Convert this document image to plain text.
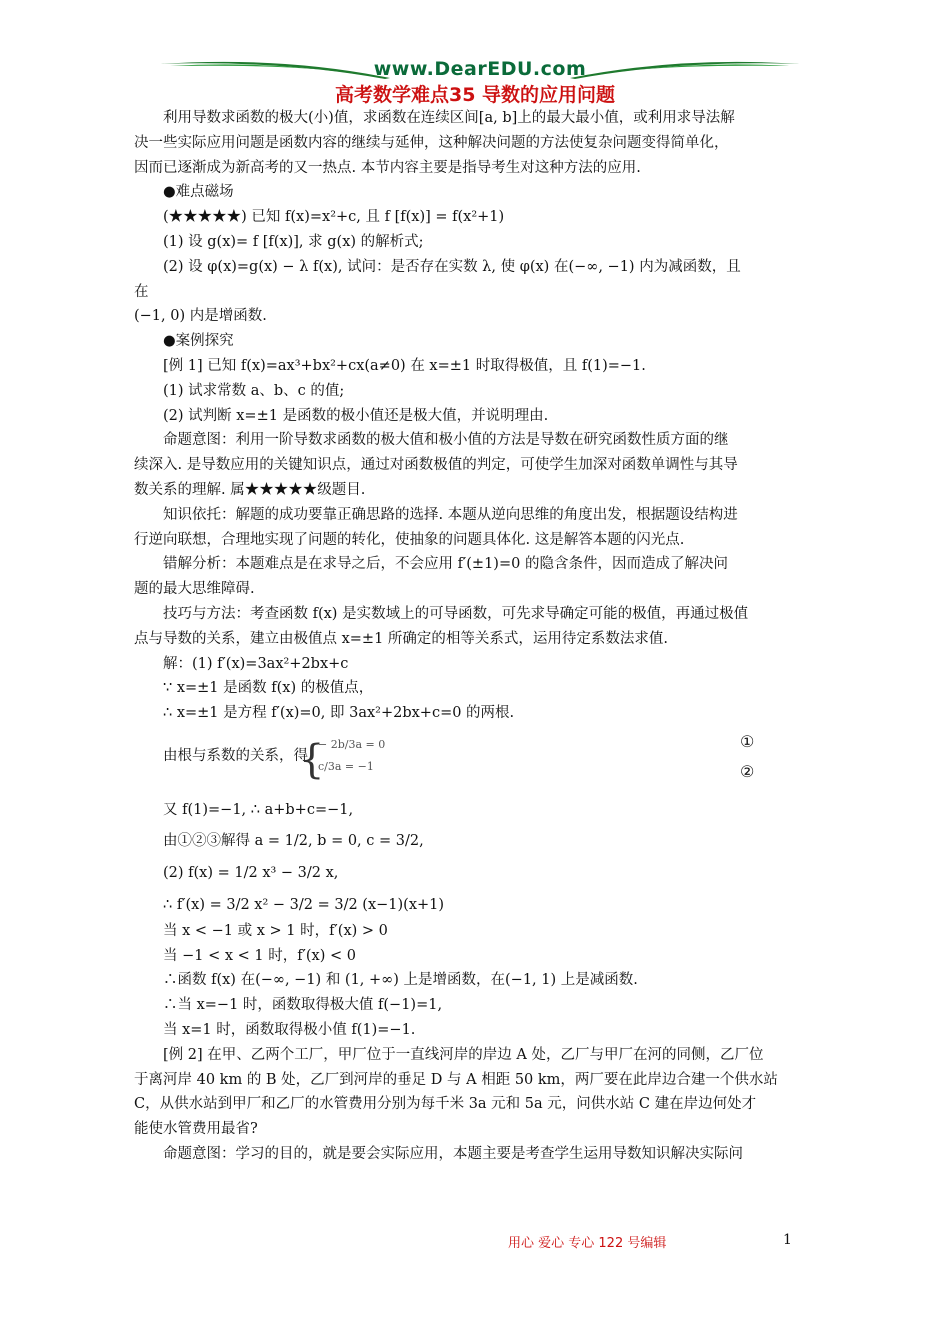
www.DearEDU.com
高考数学难点35 导数的应用问题

利用导数求函数的极大(小)值，求函数在连续区间[a, b]上的最大最小值，或利用求导法解

决一些实际应用问题是函数内容的继续与延伸，这种解决问题的方法使复杂问题变得简单化，

因而已逐渐成为新高考的又一热点. 本节内容主要是指导考生对这种方法的应用.

●难点磁场

(★★★★★) 已知 f(x)=x²+c, 且 f [f(x)] = f(x²+1)

(1) 设 g(x)= f [f(x)], 求 g(x) 的解析式;

(2) 设 φ(x)=g(x) − λ f(x), 试问：是否存在实数 λ, 使 φ(x) 在(−∞, −1) 内为减函数，且

在

(−1, 0) 内是增函数.

●案例探究

[例 1] 已知 f(x)=ax³+bx²+cx(a≠0) 在 x=±1 时取得极值，且 f(1)=−1.

(1) 试求常数 a、b、c 的值;

(2) 试判断 x=±1 是函数的极小值还是极大值，并说明理由.

命题意图：利用一阶导数求函数的极大值和极小值的方法是导数在研究函数性质方面的继

续深入. 是导数应用的关键知识点，通过对函数极值的判定，可使学生加深对函数单调性与其导

数关系的理解. 属★★★★★级题目.

知识依托：解题的成功要靠正确思路的选择. 本题从逆向思维的角度出发，根据题设结构进

行逆向联想，合理地实现了问题的转化，使抽象的问题具体化. 这是解答本题的闪光点.

错解分析：本题难点是在求导之后，不会应用 f′(±1)=0 的隐含条件，因而造成了解决问

题的最大思维障碍.

技巧与方法：考查函数 f(x) 是实数域上的可导函数，可先求导确定可能的极值，再通过极值

点与导数的关系，建立由极值点 x=±1 所确定的相等关系式，运用待定系数法求值.

解：(1) f′(x)=3ax²+2bx+c

∵ x=±1 是函数 f(x) 的极值点，

∴ x=±1 是方程 f′(x)=0, 即 3ax²+2bx+c=0 的两根.

由根与系数的关系，得
{
− 2b/3a = 0
c/3a = −1
①
②

又 f(1)=−1, ∴ a+b+c=−1,

由①②③解得 a = 1/2, b = 0, c = 3/2,

(2) f(x) = 1/2 x³ − 3/2 x,

∴ f′(x) = 3/2 x² − 3/2 = 3/2 (x−1)(x+1)

当 x < −1 或 x > 1 时，f′(x) > 0

当 −1 < x < 1 时，f′(x) < 0

∴函数 f(x) 在(−∞, −1) 和 (1, +∞) 上是增函数，在(−1, 1) 上是减函数.

∴当 x=−1 时，函数取得极大值 f(−1)=1,

当 x=1 时，函数取得极小值 f(1)=−1.

[例 2] 在甲、乙两个工厂，甲厂位于一直线河岸的岸边 A 处，乙厂与甲厂在河的同侧，乙厂位

于离河岸 40 km 的 B 处，乙厂到河岸的垂足 D 与 A 相距 50 km，两厂要在此岸边合建一个供水站

C，从供水站到甲厂和乙厂的水管费用分别为每千米 3a 元和 5a 元，问供水站 C 建在岸边何处才

能使水管费用最省?

命题意图：学习的目的，就是要会实际应用，本题主要是考查学生运用导数知识解决实际问

用心 爱心 专心 122 号编辑	1
